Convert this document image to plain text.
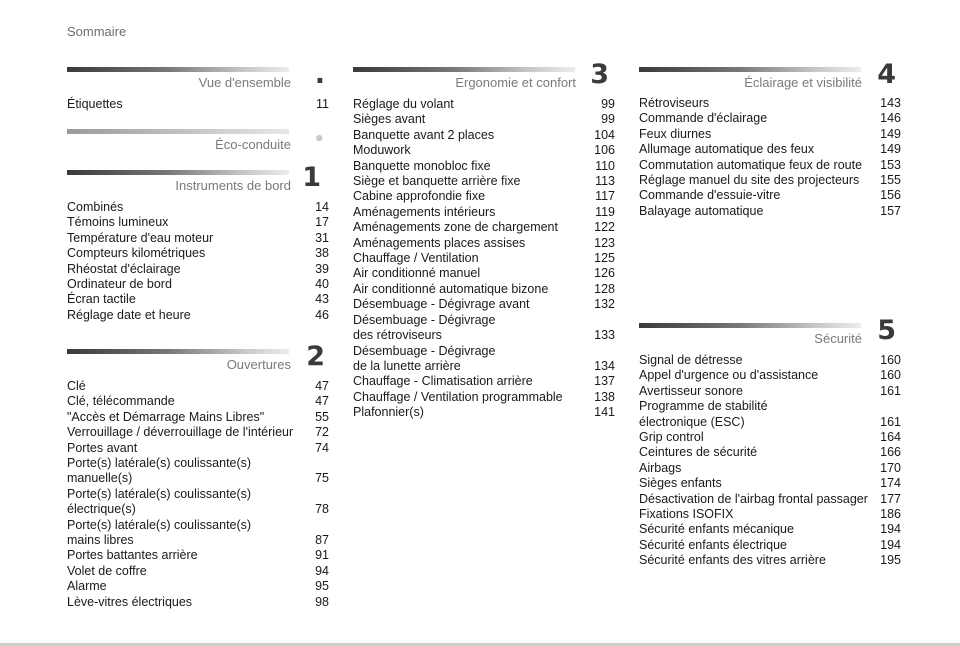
Sommaire
Vue d'ensemble .
Étiquettes	11
Éco-conduite •
Instruments de bord 1
Combinés	14
Témoins lumineux	17
Température d'eau moteur	31
Compteurs kilométriques	38
Rhéostat d'éclairage	39
Ordinateur de bord	40
Écran tactile	43
Réglage date et heure	46
Ouvertures 2
Clé	47
Clé, télécommande	47
"Accès et Démarrage Mains Libres"	55
Verrouillage / déverrouillage de l'intérieur	72
Portes avant	74
Porte(s) latérale(s) coulissante(s)
manuelle(s)	75
Porte(s) latérale(s) coulissante(s)
électrique(s)	78
Porte(s) latérale(s) coulissante(s)
mains libres	87
Portes battantes arrière	91
Volet de coffre	94
Alarme	95
Lève-vitres électriques	98
Ergonomie et confort 3
Réglage du volant	99
Sièges avant	99
Banquette avant 2 places	104
Moduwork	106
Banquette monobloc fixe	110
Siège et banquette arrière fixe	113
Cabine approfondie fixe	117
Aménagements intérieurs	119
Aménagements zone de chargement	122
Aménagements places assises	123
Chauffage / Ventilation	125
Air conditionné manuel	126
Air conditionné automatique bizone	128
Désembuage - Dégivrage avant	132
Désembuage - Dégivrage
des rétroviseurs	133
Désembuage - Dégivrage
de la lunette arrière	134
Chauffage - Climatisation arrière	137
Chauffage / Ventilation programmable	138
Plafonnier(s)	141
Éclairage et visibilité 4
Rétroviseurs	143
Commande d'éclairage	146
Feux diurnes	149
Allumage automatique des feux	149
Commutation automatique feux de route	153
Réglage manuel du site des projecteurs	155
Commande d'essuie-vitre	156
Balayage automatique	157
Sécurité 5
Signal de détresse	160
Appel d'urgence ou d'assistance	160
Avertisseur sonore	161
Programme de stabilité
électronique (ESC)	161
Grip control	164
Ceintures de sécurité	166
Airbags	170
Sièges enfants	174
Désactivation de l'airbag frontal passager 177
Fixations ISOFIX	186
Sécurité enfants mécanique	194
Sécurité enfants électrique	194
Sécurité enfants des vitres arrière	195
